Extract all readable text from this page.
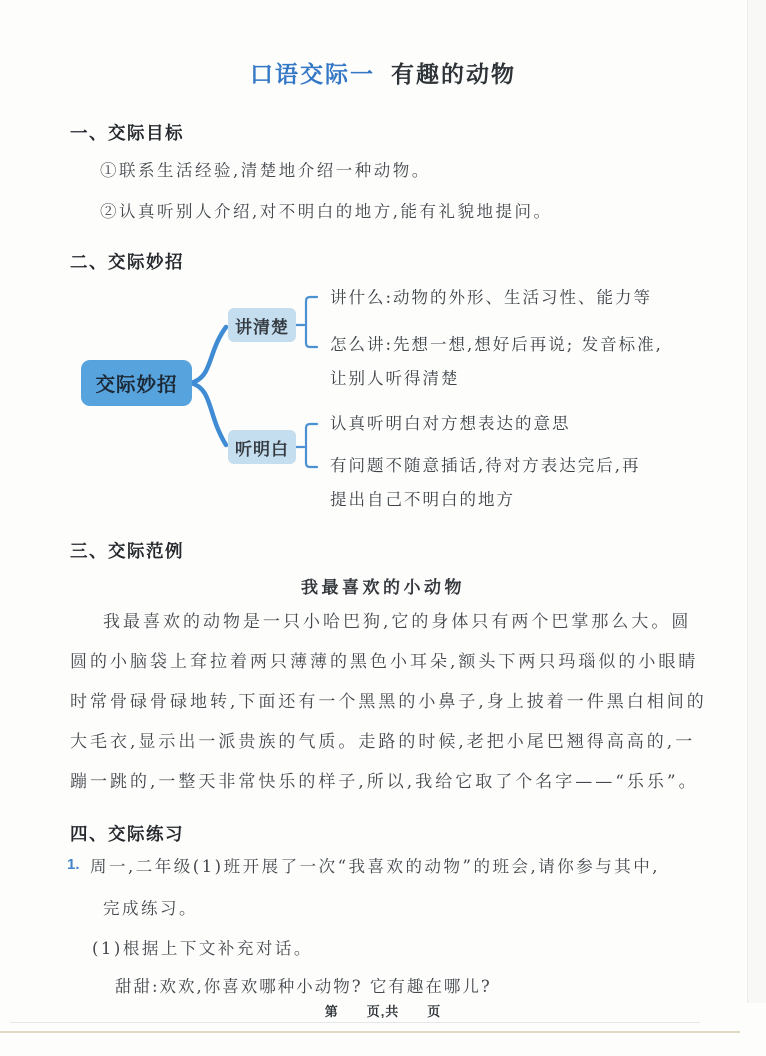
口语交际一 有趣的动物
一、交际目标
①联系生活经验,清楚地介绍一种动物。
②认真听别人介绍,对不明白的地方,能有礼貌地提问。
二、交际妙招
交际妙招
讲清楚
听明白
讲什么:动物的外形、生活习性、能力等
怎么讲:先想一想,想好后再说; 发音标准,
让别人听得清楚
认真听明白对方想表达的意思
有问题不随意插话,待对方表达完后,再
提出自己不明白的地方
三、交际范例
我最喜欢的小动物
我最喜欢的动物是一只小哈巴狗,它的身体只有两个巴掌那么大。圆
圆的小脑袋上耷拉着两只薄薄的黑色小耳朵,额头下两只玛瑙似的小眼睛
时常骨碌骨碌地转,下面还有一个黑黑的小鼻子,身上披着一件黑白相间的
大毛衣,显示出一派贵族的气质。走路的时候,老把小尾巴翘得高高的,一
蹦一跳的,一整天非常快乐的样子,所以,我给它取了个名字——“乐乐”。
四、交际练习
1. 周一,二年级(1)班开展了一次“我喜欢的动物”的班会,请你参与其中,
完成练习。
(1)根据上下文补充对话。
甜甜:欢欢,你喜欢哪种小动物? 它有趣在哪儿?
第　　页,共　　页
